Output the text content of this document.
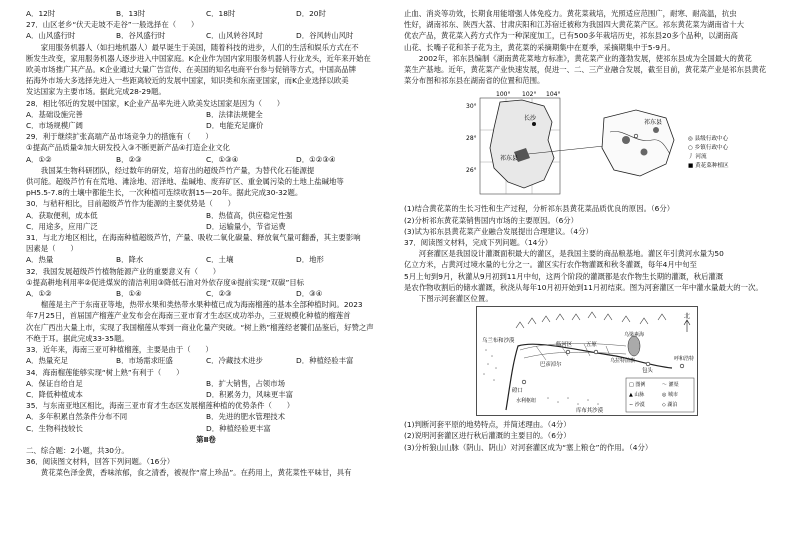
A．12时	B．13时	C．18时	D．20时
27．山区老乡“伏天走坡不走谷”一般选择在（　　）
A．山风盛行时	B．谷风盛行时	C．山风转谷风时	D．谷风转山风时
家用服务机器人（如扫地机器人）最早诞生于美国，随着科技的进步，人们的生活和娱乐方式在不
断发生改变，家用服务机器人逐步进入中国家庭。K企业作为国内家用服务机器人行业龙头，近年来开始在
欧美市场推广其产品。K企业通过大量广告宣传、在美国的知名电商平台参与促销等方式，中国高品牌
拓海外市场大多选择先进入一些距离较近的发展中国家，知识类和东南亚国家，而K企业选择以欧美
发达国家为主要市场。据此完成28-29题。
28．相比邻近的发展中国家，K企业产品率先进入欧美发达国家是因为（　　）
A．基础设施完善	B．法律法规健全
C．市场规模广阔	D．电能充足廉价
29．利于继续扩张高端产品市场竞争力的措施有（　　）
①提高产品质量②加大研发投入③不断更新产品④打造企业文化
A．①②	B．②③	C．①③④	D．①②③④
我国某生物科研团队，经过数年的研发，培育出的超级芦竹产量，为替代化石能源提
供可能。超级芦竹有在荒地、滩涂地、沼泽地、盐碱地、废弃矿区、重金属污染的土地上盐碱地等
pH5.5-7.8的土壤中都能生长，一次种植可连续收割15—20年。据此完成30-32题。
30．与秸秆相比，目前超级芦竹作为能源的主要优势是（　　）
A．获取便利，成本低	B．热值高，供应稳定性强
C．用途多，应用广泛	D．运输量小，节省运费
31．与北方地区相比，在海南种植超级芦竹，产量、吸收二氧化碳量、释放氧气量可翻番，其主要影响
因素是（　　）
A．热量	B．降水	C．土壤	D．地形
32．我国发展超级芦竹植物能源产业的重要意义有（　　）
①提高耕地利用率②促进煤炭的清洁利用③降低石油对外依存度④提前实现“双碳”目标
A．①②	B．①④	C．②③	D．③④
榴莲是主产于东南亚等地，热带水果和类热带水果种植已成为海南榴莲的基本全部种植时间。2023
年7月25日，首届国产榴莲产业发布会在海南三亚市育才生态区成功举办，三亚规模化种植的榴莲首
次在广西出大量上市，实现了我国榴莲从零到一商业化量产突破。“树上熟”榴莲经老饕们品鉴后，好赞之声
不绝于耳。据此完成33-35题。
33．近年来，海南三亚可种植榴莲，主要是由于（　　）
A．热量充足	B．市场需求旺盛	C．冷藏技术进步	D．种植经验丰富
34．海南榴莲能够实现“树上熟”有利于（　　）
A．保证自给自足	B．扩大销售，占领市场
C．降低种植成本	D．积累务力，风味更丰富
35．与东南亚地区相比，海南三亚市育才生态区发展榴莲种植的优势条件（　　）
A．多年积累自然条件分布不同	B．先进的肥水管理技术
C．生物科技较长	D．种植经验更丰富
第Ⅱ卷
二、综合题：2小题，共30分。
36．阅读图文材料，回答下列问题。（16分）
黄花菜色泽金黄，香味浓郁，食之清香，被视作“席上珍品”。在药用上，黄花菜性平味甘，具有
止血、消炎等功效，长期食用能增强人体免疫力。黄花菜栽培，光照适应范围广，耐寒、耐高温，抗虫
性好，湖南祁东、陕西大荔、甘肃庆阳和江苏宿迁被称为我国四大黄花菜产区。祁东黄花菜为湖南省十大
优农产品，黄花菜入药方式作为一种深度加工，已有500多年栽培历史，祁东县20多个品种，以湖南高
山花、长嘴子花和茶子花为主，黄花菜的采摘期集中在夏季，采摘期集中于5-9月。
2002年，祁东县编制《湖南黄花菜地方标准》，黄花菜产业的蓬勃发展，使祁东县成为全国最大的黄花
菜生产基地。近年，黄花菜产业快速发展，促进一、二、三产业融合发展，截至目前，黄花菜产业是祁东县黄花
菜分布图和祁东县在湖南省的位置和范围。
100° 102° 104°
30°
28°
26°
长沙
祁东县
祁东县
◎ 县级行政中心
○ 乡镇行政中心
⼃ 河流
■ 黄花菜种植区
(1)结合黄花菜的生长习性和生产过程，分析祁东县黄花菜品质优良的原因。（6分）
(2)分析祁东黄花菜销售国内市场的主要原因。（6分）
(3)试为祁东县黄花菜产业融合发展提出合理建议。（4分）
37．阅读图文材料，完成下列问题。（14分）
河套灌区是我国设计灌溉面积最大的灌区，是我国主要的商品粮基地。灌区年引黄河水量为50
亿立方米，占黄河过境水量的七分之一。灌区实行农作物灌溉和秋冬灌溉，每年4月中旬至
5月上旬到9月，秋灌从9月初到11月中旬，这两个阶段的灌溉都是农作物生长期的灌溉，秋后灌溉
是农作物收割后的储水灌溉，秋浇从每年10月初开始到11月初结束。图为河套灌区一年中灌水量最大的一次。
下图示河套灌区位置。
乌兰布和沙漠
库布其沙漠
呼和浩特
包头
临河区	五原
磴口
乌拉特前旗
巴彦淖尔
水利枢纽
乌梁素海
北
□ 图例	～ 灌渠
▲ 山脉	◎ 城市
∼ 沙漠	◇ 湖泊
(1)判断河套平原的地势特点，并简述理由。（4分）
(2)说明河套灌区进行秋后灌溉的主要目的。（6分）
(3)分析狼山山脉（阴山、阴山）对河套灌区成为“塞上粮仓”的作用。（4分）
